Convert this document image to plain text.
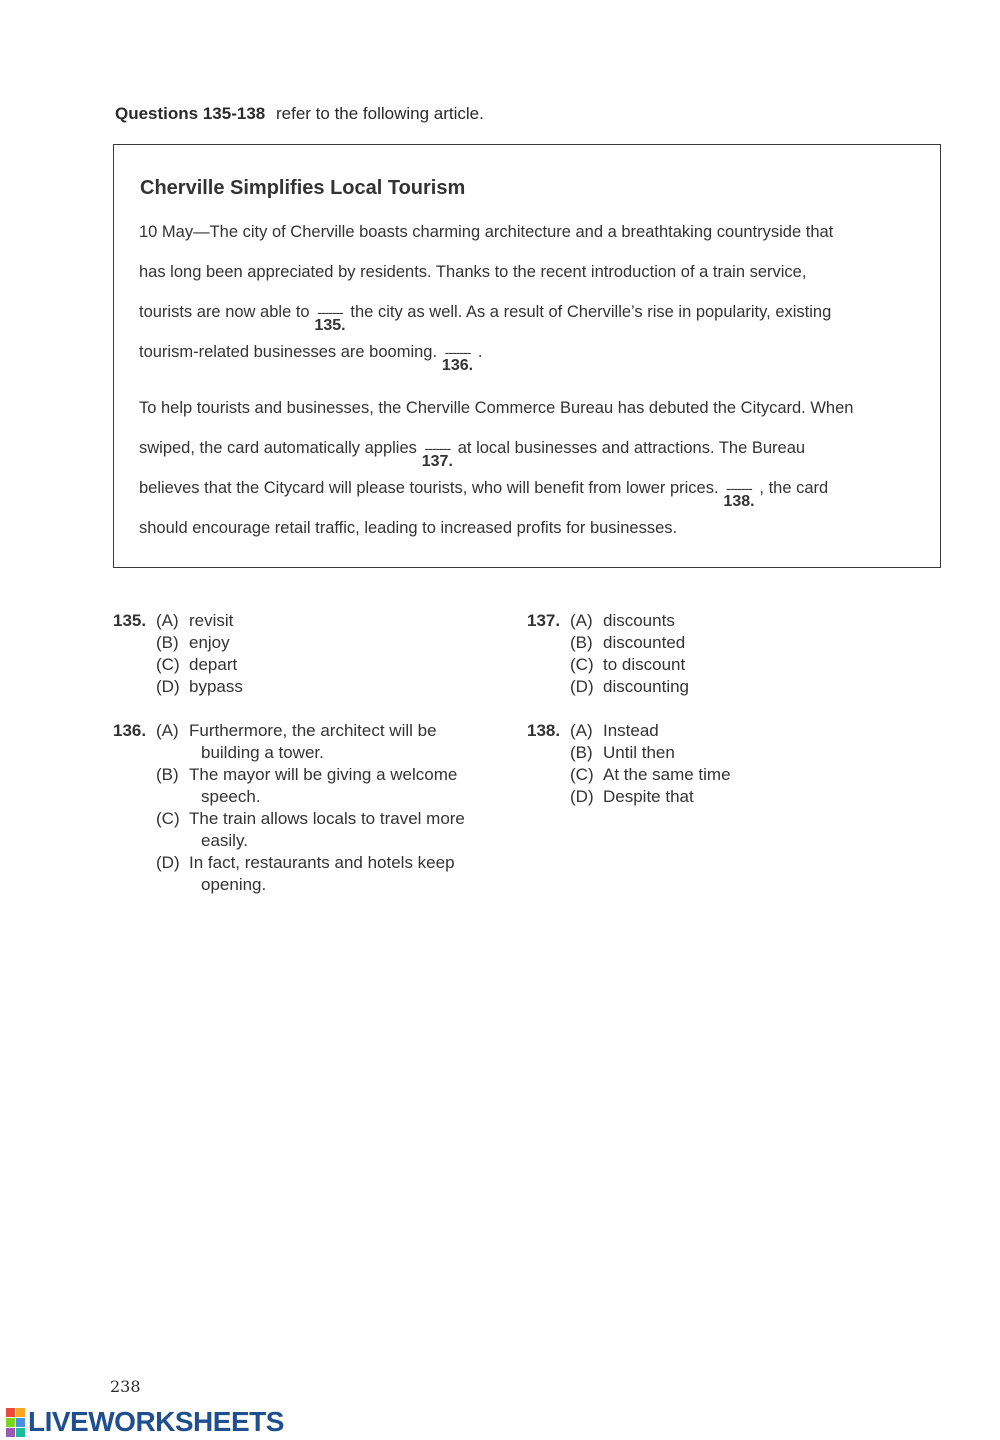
Questions 135-138 refer to the following article.
Cherville Simplifies Local Tourism
10 May—The city of Cherville boasts charming architecture and a breathtaking countryside that
has long been appreciated by residents. Thanks to the recent introduction of a train service,
tourists are now able to -------
135.
the city as well. As a result of Cherville’s rise in popularity, existing
tourism-related businesses are booming. -------
136.
.
To help tourists and businesses, the Cherville Commerce Bureau has debuted the Citycard. When
swiped, the card automatically applies -------
137.
at local businesses and attractions. The Bureau
believes that the Citycard will please tourists, who will benefit from lower prices. -------
138.
, the card
should encourage retail traffic, leading to increased profits for businesses.
135. (A) revisit
(B) enjoy
(C) depart
(D) bypass
136. (A) Furthermore, the architect will be
building a tower.
(B) The mayor will be giving a welcome
speech.
(C) The train allows locals to travel more
easily.
(D) In fact, restaurants and hotels keep
opening.
137. (A) discounts
(B) discounted
(C) to discount
(D) discounting
138. (A) Instead
(B) Until then
(C) At the same time
(D) Despite that
238
LIVEWORKSHEETS
